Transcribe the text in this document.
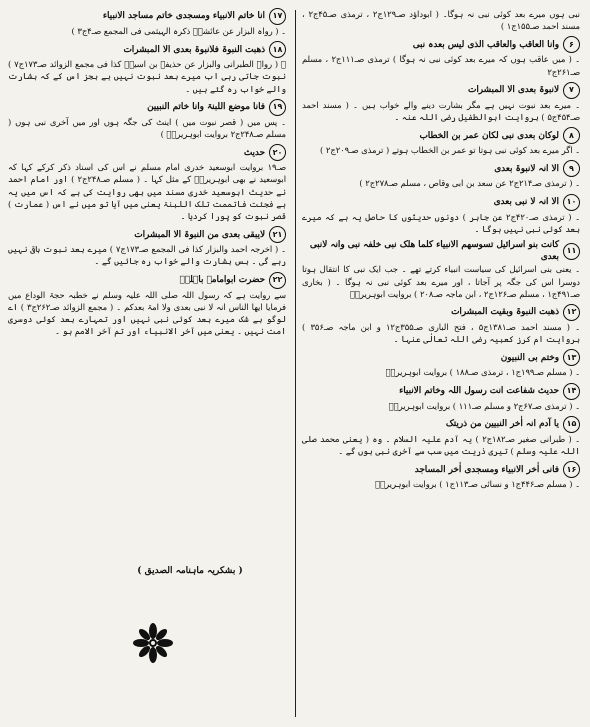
نبی ہوں میرے بعد کوئی نبی نہ ہوگا۔ ( ابوداؤد صـ۱۲۹ج۲ ، ترمذی صـ۴۵ج۲ ، مسند احمد صـ۱۵۵ج۱ )
۶
وانا العاقب والعاقب الذی لیس بعدہ نبی
۔ ( میں عاقب ہوں کہ میرے بعد کوئی نبی نہ ہوگا ) ترمذی صـ۱۱۱ج۲ ، مسلم صـ۲۶۱ج۲
۷
لانبوۃ بعدی الا المبشرات
۔ میرے بعد نبوت نہیں ہے مگر بشارت دینے والے خواب ہیں ۔ ( مسند احمد صـ۴۵۴ج۵ ) بروایت ابوالطفیل رضی اللہ عنہ ۔
۸
لوکان بعدی نبی لکان عمر بن الخطاب
۔ اگر میرے بعد کوئی نبی ہوتا تو عمر بن الخطاب ہوتے ( ترمذی صـ۲۰۹ج۲ )
۹
الا انہ لانبوۃ بعدی
۔ ( ترمذی صـ۲۱۴ج۲ عن سعد بن ابی وقاص ، مسلم صـ۲۷۸ج۲ )
۱۰
الا انہ لا نبی بعدی
۔ ( ترمذی صـ۴۲۰ج۲ عن جابر ) دونوں حدیثوں کا حاصل یہ ہے کہ میرے بعد کوئی نبی نہیں ہوگا ۔
۱۱
کانت بنو اسرائیل تسوسھم الانبیاء کلما ھلک نبی خلفہ نبی وانہ لانبی بعدی
۔ یعنی بنی اسرائیل کی سیاست انبیاء کرتے تھے ۔ جب ایک نبی کا انتقال ہوتا دوسرا اس کی جگہ پر آجاتا ، اور میرے بعد کوئی نبی نہ ہوگا ۔ ( بخاری صـ۴۹۱ج۱ ، مسلم صـ۱۲۶ج۲ ، ابن ماجہ صـ۲۰۸ ) بروایت ابوہریرہؓ
۱۲
ذھبت النبوۃ وبقیت المبشرات
۔ ( مسند احمد صـ۱۳۸۱ج۵ ، فتح الباری صـ۳۵۵ج۱۲ و ابن ماجہ صـ۳۵۶ ) بروایت ام کرز کعبیہ رضی اللہ تعالٰی عنہا ۔
۱۳
وختم بی النبیون
۔ ( مسلم صـ۱۹۹ج۱ ، ترمذی صـ۱۸۸ ) بروایت ابوہریرہؓ
۱۴
حدیث شفاعت انت رسول اللہ وخاتم الانبیاء
۔ ( ترمذی صـ۶۷ج۲ و مسلم صـ۱۱۱ ) بروایت ابوہریرہؓ
۱۵
یا آدم انہ اٰخر النبیین من ذریتک
۔ ( طبرانی صغیر صـ۱۸۲ج۲ ) یہ آدم علیہ السلام ۔ وہ ( یعنی محمد صلی اللہ علیہ وسلم ) تیری ذریت میں سب سے آخری نبی ہوں گے ۔
۱۶
فانی اٰخر الانبیاء ومسجدی اٰخر المساجد
۔ ( مسلم صـ۴۴۶ج۱ و نسائی صـ۱۱۳ج۱ ) بروایت ابوہریرہؓ
۱۷
انا خاتم الانبیاء ومسجدی خاتم مساجد الانبیاء
۔ ( رواہ البزار عن عائشہؓ ذکرہ الہیثمی فی المجمع صـ۴ج۳ )
۱۸
ذھبت النبوۃ فلانبوۃ بعدی الا المبشرات
۔ ( رواہ الطبرانی والبزار عن حذیفہ بن اسیدؓ کذا فی مجمع الزوائد صـ۱۷۳ج۷ ) نبوت جاتی رہی اب میرے بعد نبوت نہیں ہے بجز اس کے کہ بشارت والے خواب رہ گئے ہیں ۔
۱۹
فانا موضع اللبنۃ وانا خاتم النبیین
۔ پس میں ( قصر نبوت میں ) اینٹ کی جگہ ہوں اور میں آخری نبی ہوں ( مسلم صـ۲۴۸ج۲ بروایت ابوہریرہؓ )
۲۰
حدیث
صـ۱۹ بروایت ابوسعید خدری امام مسلم نے اس کی اسناد ذکر کرکے کہا کہ ابوسعید نے بھی ابوہریرہؓ کے مثل کہا ۔ ( مسلم صـ۲۴۸ج۲ ) اور امام احمد نے حدیث ابوسعید خدری مسند میں بھی روایت کی ہے کہ اس میں یہ ہے فجئت فاتممت تلک اللبنۃ یعنی میں آیا تو میں نے اس ( عمارت ) قصر نبوت کو پورا کردیا ۔
۲۱
لایبقی بعدی من النبوۃ الا المبشرات
۔ ( اخرجہ احمد والبزار کذا فی المجمع صـ۱۷۳ج۷ ) میرے بعد نبوت باقی نہیں رہے گی ۔ بس بشارت والے خواب رہ جائیں گے ۔
۲۲
حضرت ابوامامہ باہلیؓ
سے روایت ہے کہ رسول اللہ صلی اللہ علیہ وسلم نے خطبہ حجۃ الوداع میں فرمایا ایھا الناس انہ لا نبی بعدی ولا امۃ بعدکم ۔ ( مجمع الزوائد صـ۲۶۲ج۳ ) اے لوگو بے شک میرے بعد کوئی نبی نہیں اور تمہارے بعد کوئی دوسری امت نہیں ۔ یعنی میں آخر الانبیاء اور تم آخر الامم ہو ۔
( بشکریہ ماہنامہ الصدیق )
